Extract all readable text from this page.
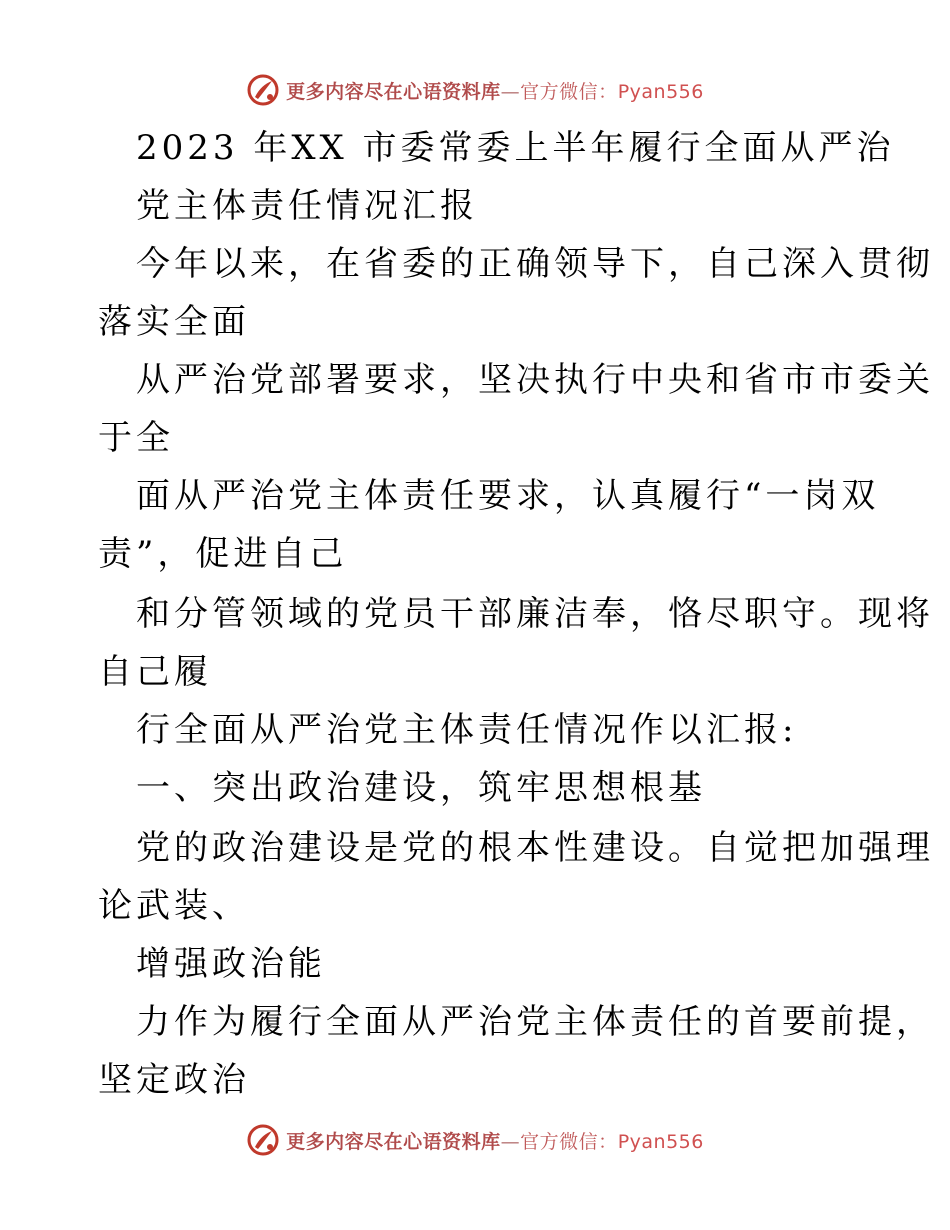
更多内容尽在心语资料库—官方微信：Pyan556
2023 年XX 市委常委上半年履行全面从严治
党主体责任情况汇报
今年以来，在省委的正确领导下，自己深入贯彻
落实全面
从严治党部署要求，坚决执行中央和省市市委关
于全
面从严治党主体责任要求，认真履行“一岗双
责”，促进自己
和分管领域的党员干部廉洁奉，恪尽职守。现将
自己履
行全面从严治党主体责任情况作以汇报:
一、突出政治建设，筑牢思想根基
党的政治建设是党的根本性建设。自觉把加强理
论武装、
增强政治能
力作为履行全面从严治党主体责任的首要前提，
坚定政治
更多内容尽在心语资料库—官方微信：Pyan556
